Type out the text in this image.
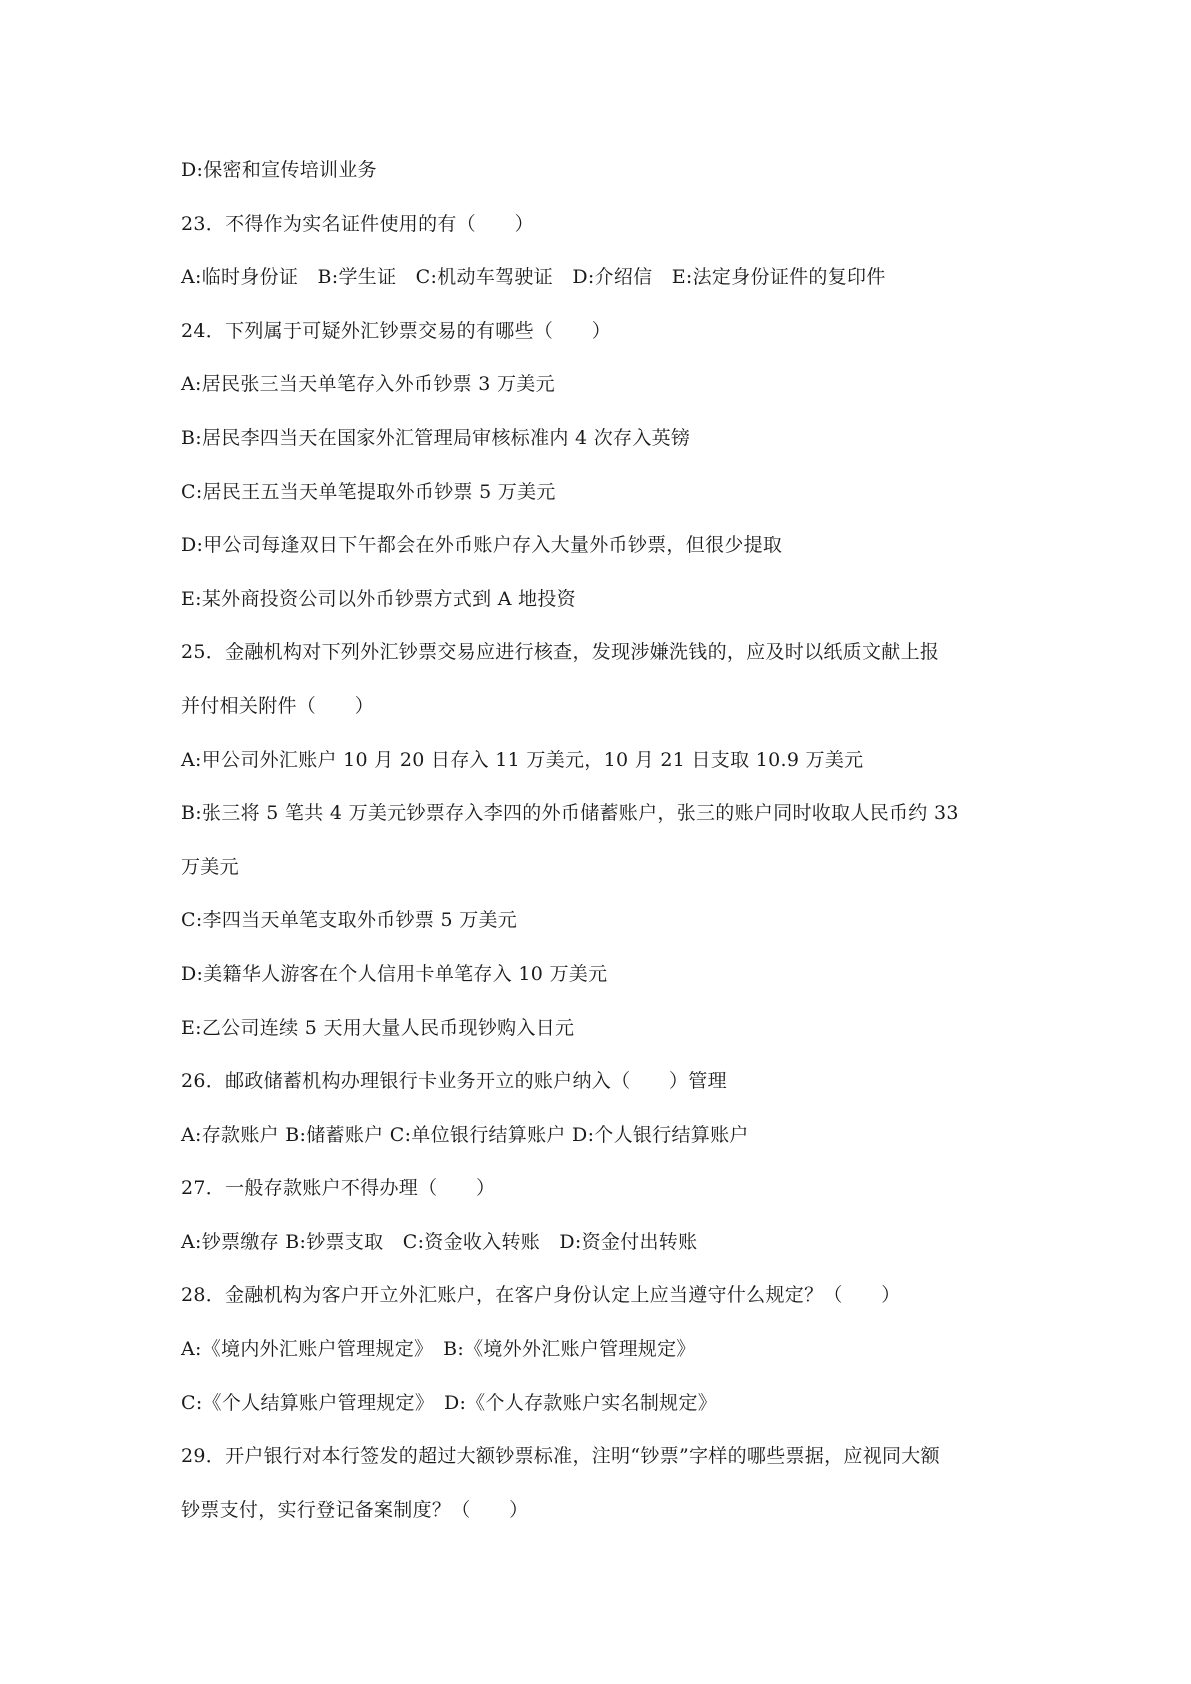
D:保密和宣传培训业务
23．不得作为实名证件使用的有（　　）
A:临时身份证　B:学生证　C:机动车驾驶证　D:介绍信　E:法定身份证件的复印件
24．下列属于可疑外汇钞票交易的有哪些（　　）
A:居民张三当天单笔存入外币钞票 3 万美元
B:居民李四当天在国家外汇管理局审核标准内 4 次存入英镑
C:居民王五当天单笔提取外币钞票 5 万美元
D:甲公司每逢双日下午都会在外币账户存入大量外币钞票，但很少提取
E:某外商投资公司以外币钞票方式到 A 地投资
25．金融机构对下列外汇钞票交易应进行核查，发现涉嫌洗钱的，应及时以纸质文献上报
并付相关附件（　　）
A:甲公司外汇账户 10 月 20 日存入 11 万美元，10 月 21 日支取 10.9 万美元
B:张三将 5 笔共 4 万美元钞票存入李四的外币储蓄账户，张三的账户同时收取人民币约 33
万美元
C:李四当天单笔支取外币钞票 5 万美元
D:美籍华人游客在个人信用卡单笔存入 10 万美元
E:乙公司连续 5 天用大量人民币现钞购入日元
26．邮政储蓄机构办理银行卡业务开立的账户纳入（　　）管理
A:存款账户 B:储蓄账户 C:单位银行结算账户 D:个人银行结算账户
27．一般存款账户不得办理（　　）
A:钞票缴存 B:钞票支取　C:资金收入转账　D:资金付出转账
28．金融机构为客户开立外汇账户，在客户身份认定上应当遵守什么规定？（　　）
A:《境内外汇账户管理规定》　B:《境外外汇账户管理规定》
C:《个人结算账户管理规定》　D:《个人存款账户实名制规定》
29．开户银行对本行签发的超过大额钞票标准，注明“钞票”字样的哪些票据，应视同大额
钞票支付，实行登记备案制度？（　　）
